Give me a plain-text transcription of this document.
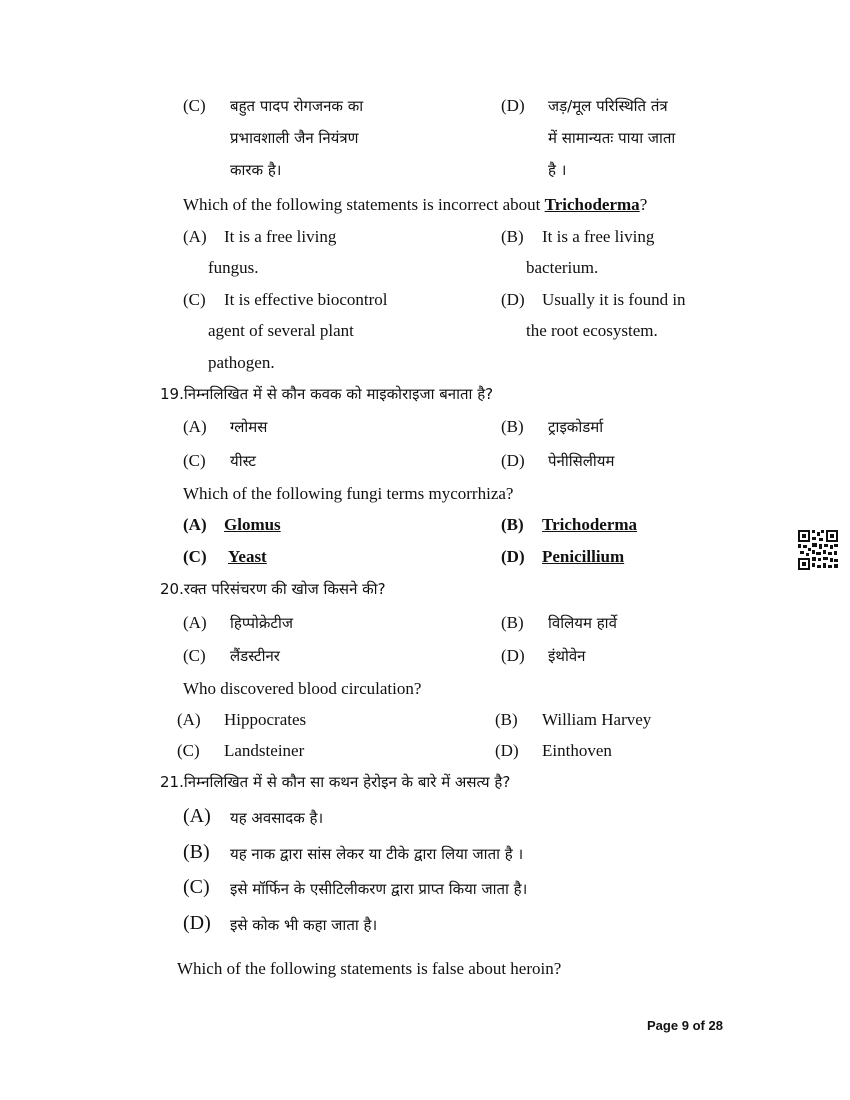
(C) बहुत पादप रोगजनक का
प्रभावशाली जैन नियंत्रण
कारक है।
(D) जड़/मूल परिस्थिति तंत्र
में सामान्यतः पाया जाता
है ।
Which of the following statements is incorrect about Trichoderma?
(A) It is a free living
fungus.
(B) It is a free living
bacterium.
(C) It is effective biocontrol
agent of several plant
pathogen.
(D) Usually it is found in
the root ecosystem.
19.निम्नलिखित में से कौन कवक को माइकोराइजा बनाता है?
(A) ग्लोमस	(B) ट्राइकोडर्मा
(C) यीस्ट	(D) पेनीसिलीयम
Which of the following fungi terms mycorrhiza?
(A) Glomus	(B) Trichoderma
(C) Yeast	(D) Penicillium
20.रक्त परिसंचरण की खोज किसने की?
(A) हिप्पोक्रेटीज	(B) विलियम हार्वे
(C) लैंडस्टीनर	(D) इंथोवेन
Who discovered blood circulation?
(A) Hippocrates	(B) William Harvey
(C) Landsteiner	(D) Einthoven
21.निम्नलिखित में से कौन सा कथन हेरोइन के बारे में असत्य है?
(A) यह अवसादक है।
(B) यह नाक द्वारा सांस लेकर या टीके द्वारा लिया जाता है ।
(C) इसे मॉर्फिन के एसीटिलीकरण द्वारा प्राप्त किया जाता है।
(D) इसे कोक भी कहा जाता है।
Which of the following statements is false about heroin?
Page 9 of 28
